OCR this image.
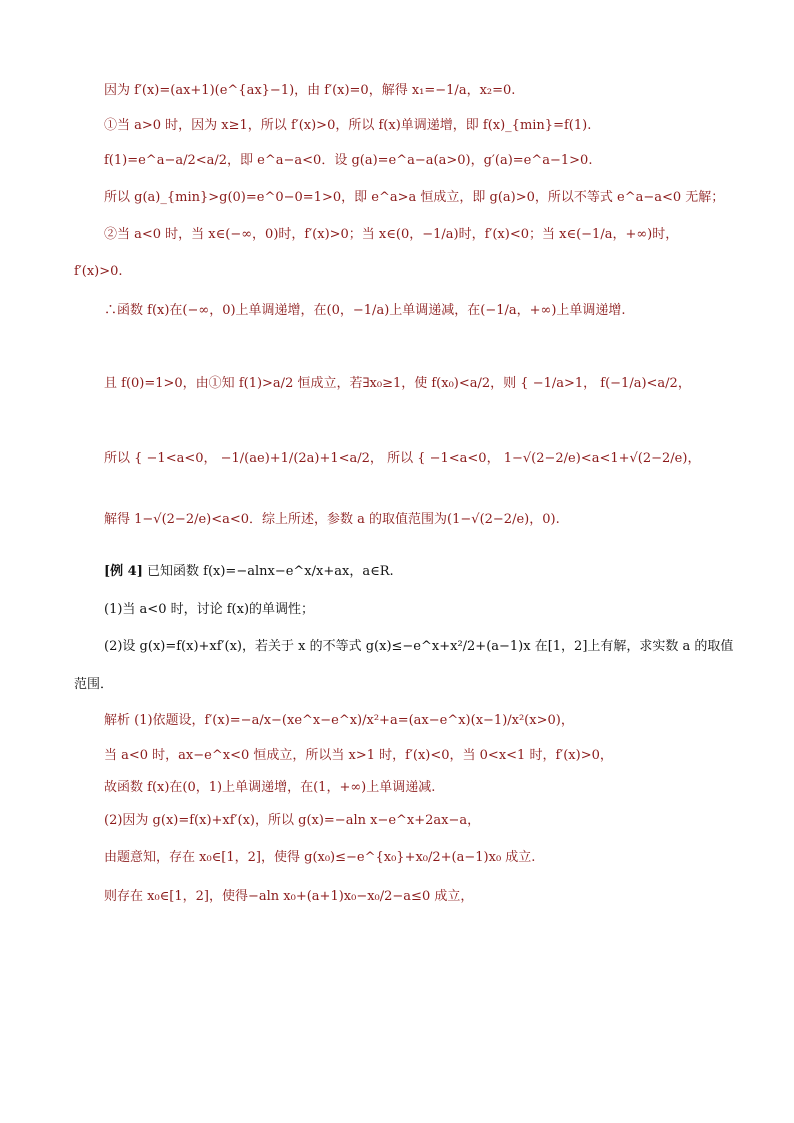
因为 f′(x)=(ax+1)(e^{ax}−1)，由 f′(x)=0，解得 x₁=−1/a，x₂=0.
①当 a>0 时，因为 x≥1，所以 f′(x)>0，所以 f(x)单调递增，即 f(x)_{min}=f(1).
f(1)=e^a−a/2<a/2，即 e^a−a<0．设 g(a)=e^a−a(a>0)，g′(a)=e^a−1>0.
所以 g(a)_{min}>g(0)=e^0−0=1>0，即 e^a>a 恒成立，即 g(a)>0，所以不等式 e^a−a<0 无解；
②当 a<0 时，当 x∈(−∞，0)时，f′(x)>0；当 x∈(0，−1/a)时，f′(x)<0；当 x∈(−1/a，+∞)时，
f′(x)>0.
∴函数 f(x)在(−∞，0)上单调递增，在(0，−1/a)上单调递减，在(−1/a，+∞)上单调递增.
且 f(0)=1>0，由①知 f(1)>a/2 恒成立，若∃x₀≥1，使 f(x₀)<a/2，则 { −1/a>1， f(−1/a)<a/2，
所以 { −1<a<0， −1/(ae)+1/(2a)+1<a/2， 所以 { −1<a<0， 1−√(2−2/e)<a<1+√(2−2/e)，
解得 1−√(2−2/e)<a<0．综上所述，参数 a 的取值范围为(1−√(2−2/e)，0).
[例 4] 已知函数 f(x)=−alnx−e^x/x+ax，a∈R.
(1)当 a<0 时，讨论 f(x)的单调性；
(2)设 g(x)=f(x)+xf′(x)，若关于 x 的不等式 g(x)≤−e^x+x²/2+(a−1)x 在[1，2]上有解，求实数 a 的取值
范围．
解析 (1)依题设，f′(x)=−a/x−(xe^x−e^x)/x²+a=(ax−e^x)(x−1)/x²(x>0)，
当 a<0 时，ax−e^x<0 恒成立，所以当 x>1 时，f′(x)<0，当 0<x<1 时，f′(x)>0，
故函数 f(x)在(0，1)上单调递增，在(1，+∞)上单调递减.
(2)因为 g(x)=f(x)+xf′(x)，所以 g(x)=−aln x−e^x+2ax−a，
由题意知，存在 x₀∈[1，2]，使得 g(x₀)≤−e^{x₀}+x₀/2+(a−1)x₀ 成立.
则存在 x₀∈[1，2]，使得−aln x₀+(a+1)x₀−x₀/2−a≤0 成立，
